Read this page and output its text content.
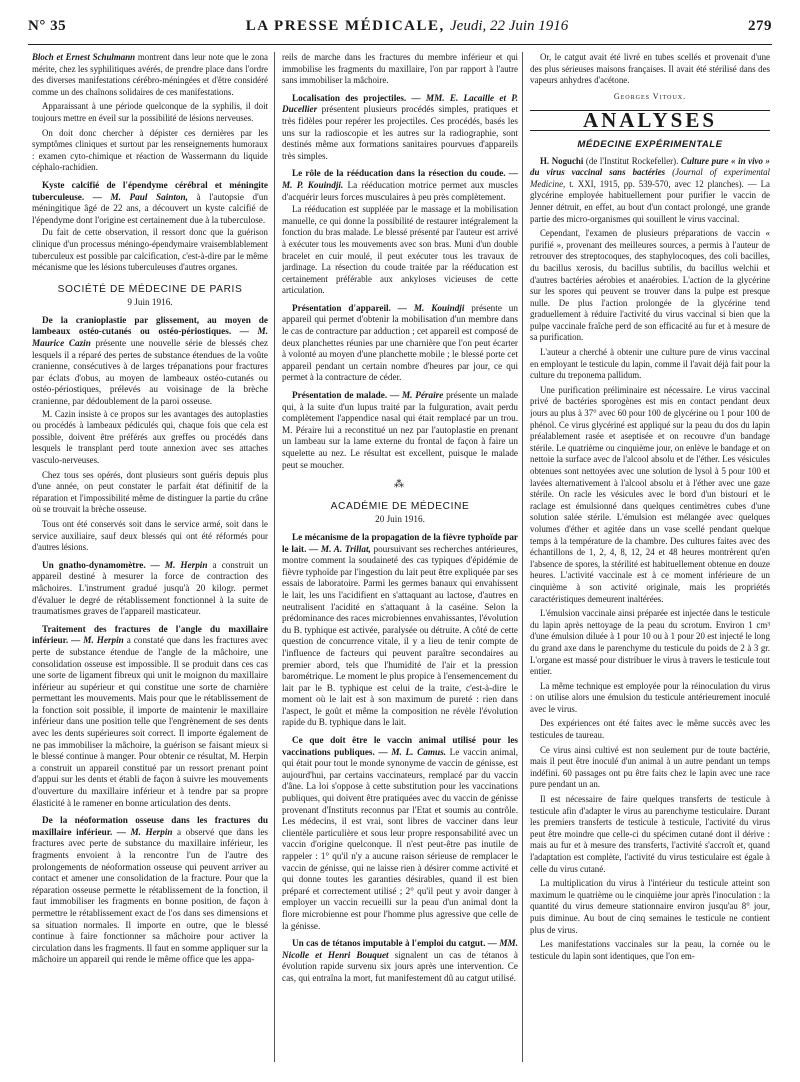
N° 35	LA PRESSE MÉDICALE, Jeudi, 22 Juin 1916	279

Bloch et Ernest Schulmann montrent dans leur note que le zona mérite, chez les syphilitiques avérés, de prendre place dans l'ordre des diverses manifestations cérébro-méningées et d'être considéré comme un des chaînons solidaires de ces manifestations.

Apparaissant à une période quelconque de la syphilis, il doit toujours mettre en éveil sur la possibilité de lésions nerveuses.

On doit donc chercher à dépister ces dernières par les symptômes cliniques et surtout par les renseignements humoraux : examen cyto-chimique et réaction de Wassermann du liquide céphalo-rachidien.

Kyste calcifié de l'épendyme cérébral et méningite tuberculeuse. — M. Paul Sainton, à l'autopsie d'un méningitique âgé de 22 ans, a découvert un kyste calcifié de l'épendyme dont l'origine est certainement due à la tuberculose.

Du fait de cette observation, il ressort donc que la guérison clinique d'un processus méningo-épendymaire vraisemblablement tuberculeux est possible par calcification, c'est-à-dire par le même mécanisme que les lésions tuberculeuses d'autres organes.

SOCIÉTÉ DE MÉDECINE DE PARIS
9 Juin 1916.
De la cranioplastie par glissement, au moyen de lambeaux ostéo-cutanés ou ostéo-périostiques. — M. Maurice Cazin présente une nouvelle série de blessés chez lesquels il a réparé des pertes de substance étendues de la voûte cranienne, consécutives à de larges trépanations pour fractures par éclats d'obus, au moyen de lambeaux ostéo-cutanés ou ostéo-périostiques, prélevés au voisinage de la brèche cranienne, par dédoublement de la paroi osseuse.

M. Cazin insiste à ce propos sur les avantages des autoplasties ou procédés à lambeaux pédiculés qui, chaque fois que cela est possible, doivent être préférés aux greffes ou procédés dans lesquels le transplant perd toute annexion avec ses attaches vasculo-nerveuses.

Chez tous ses opérés, dont plusieurs sont guéris depuis plus d'une année, on peut constater le parfait état définitif de la réparation et l'impossibilité même de distinguer la partie du crâne où se trouvait la brèche osseuse.

Tous ont été conservés soit dans le service armé, soit dans le service auxiliaire, sauf deux blessés qui ont été réformés pour d'autres lésions.

Un gnatho-dynamomètre. — M. Herpin a construit un appareil destiné à mesurer la force de contraction des mâchoires. L'instrument gradué jusqu'à 20 kilogr. permet d'évaluer le degré de rétablissement fonctionnel à la suite de traumatismes graves de l'appareil masticateur.
Traitement des fractures de l'angle du maxillaire inférieur. — M. Herpin a constaté que dans les fractures avec perte de substance étendue de l'angle de la mâchoire, une consolidation osseuse est impossible. Il se produit dans ces cas une sorte de ligament fibreux qui unit le moignon du maxillaire inférieur au supérieur et qui constitue une sorte de charnière permettant les mouvements. Mais pour que le rétablissement de la fonction soit possible, il importe de maintenir le maxillaire inférieur dans une position telle que l'engrènement de ses dents avec les dents supérieures soit correct. Il importe également de ne pas immobiliser la mâchoire, la guérison se faisant mieux si le blessé continue à manger. Pour obtenir ce résultat, M. Herpin a construit un appareil constitué par un ressort prenant point d'appui sur les dents et établi de façon à suivre les mouvements d'ouverture du maxillaire inférieur et à tendre par sa propre élasticité à le ramener en bonne articulation des dents.
De la néoformation osseuse dans les fractures du maxillaire inférieur. — M. Herpin a observé que dans les fractures avec perte de substance du maxillaire inférieur, les fragments envoient à la rencontre l'un de l'autre des prolongements de néoformation osseuse qui peuvent arriver au contact et amener une consolidation de la fracture. Pour que la réparation osseuse permette le rétablissement de la fonction, il faut immobiliser les fragments en bonne position, de façon à permettre le rétablissement exact de l'os dans ses dimensions et sa situation normales. Il importe en outre, que le blessé continue à faire fonctionner sa mâchoire pour activer la circulation dans les fragments. Il faut en somme appliquer sur la mâchoire un appareil qui rende le même office que les appa-

reils de marche dans les fractures du membre inférieur et qui immobilise les fragments du maxillaire, l'on par rapport à l'autre sans immobiliser la mâchoire.

Localisation des projectiles. — MM. E. Lacaille et P. Ducellier présentent plusieurs procédés simples, pratiques et très fidèles pour repérer les projectiles. Ces procédés, basés les uns sur la radioscopie et les autres sur la radiographie, sont destinés même aux formations sanitaires pourvues d'appareils très simples.
Le rôle de la rééducation dans la résection du coude. — M. P. Kouindji. La rééducation motrice permet aux muscles d'acquérir leurs forces musculaires à peu près complètement.

La rééducation est suppléée par le massage et la mobilisation manuelle, ce qui donne la possibilité de restaurer intégralement la fonction du bras malade. Le blessé présenté par l'auteur est arrivé à exécuter tous les mouvements avec son bras. Muni d'un double bracelet en cuir moulé, il peut exécuter tous les travaux de jardinage. La résection du coude traitée par la rééducation est certainement préférable aux ankyloses vicieuses de cette articulation.

Présentation d'appareil. — M. Kouindji présente un appareil qui permet d'obtenir la mobilisation d'un membre dans le cas de contracture par adduction ; cet appareil est composé de deux planchettes réunies par une charnière que l'on peut écarter à volonté au moyen d'une planchette mobile ; le blessé porte cet appareil pendant un certain nombre d'heures par jour, ce qui permet à la contracture de céder.
Présentation de malade. — M. Péraire présente un malade qui, à la suite d'un lupus traité par la fulguration, avait perdu complètement l'appendice nasal qui était remplacé par un trou. M. Péraire lui a reconstitué un nez par l'autoplastie en prenant un lambeau sur la lame externe du frontal de façon à faire un squelette au nez. Le résultat est excellent, puisque le malade peut se moucher.
⁂
ACADÉMIE DE MÉDECINE
20 Juin 1916.
Le mécanisme de la propagation de la fièvre typhoïde par le lait. — M. A. Trillat, poursuivant ses recherches antérieures, montre comment la soudaineté des cas typiques d'épidémie de fièvre typhoïde par l'ingestion du lait peut être expliquée par ses essais de laboratoire. Parmi les germes banaux qui envahissent le lait, les uns l'acidifient en s'attaquant au lactose, d'autres en neutralisent l'acidité en s'attaquant à la caséine. Selon la prédominance des races microbiennes envahissantes, l'évolution du B. typhique est activée, paralysée ou détruite. A côté de cette question de concurrence vitale, il y a lieu de tenir compte de l'influence de facteurs qui peuvent paraître secondaires au premier abord, tels que l'humidité de l'air et la pression barométrique. Le moment le plus propice à l'ensemencement du lait par le B. typhique est celui de la traite, c'est-à-dire le moment où le lait est à son maximum de pureté : rien dans l'aspect, le goût et même la composition ne révèle l'évolution rapide du B. typhique dans le lait.
Ce que doit être le vaccin animal utilisé pour les vaccinations publiques. — M. L. Camus. Le vaccin animal, qui était pour tout le monde synonyme de vaccin de génisse, est aujourd'hui, par certains vaccinateurs, remplacé par du vaccin d'âne. La loi s'oppose à cette substitution pour les vaccinations publiques, qui doivent être pratiquées avec du vaccin de génisse provenant d'Instituts reconnus par l'Etat et soumis au contrôle. Les médecins, il est vrai, sont libres de vacciner dans leur clientèle particulière et sous leur propre responsabilité avec un vaccin d'origine quelconque. Il n'est peut-être pas inutile de rappeler : 1° qu'il n'y a aucune raison sérieuse de remplacer le vaccin de génisse, qui ne laisse rien à désirer comme activité et qui donne toutes les garanties désirables, quand il est bien préparé et correctement utilisé ; 2° qu'il peut y avoir danger à employer un vaccin recueilli sur la peau d'un animal dont la flore microbienne est pour l'homme plus agressive que celle de la génisse.
Un cas de tétanos imputable à l'emploi du catgut. — MM. Nicolle et Henri Bouquet signalent un cas de tétanos à évolution rapide survenu six jours après une intervention. Ce cas, qui entraîna la mort, fut manifestement dû au catgut utilisé.

Or, le catgut avait été livré en tubes scellés et provenait d'une des plus sérieuses maisons françaises. Il avait été stérilisé dans des vapeurs anhydres d'acétone.

Georges Vitoux.
ANALYSES
MÉDECINE EXPÉRIMENTALE

H. Noguchi (de l'Institut Rockefeller). Culture pure « in vivo » du virus vaccinal sans bactéries (Journal of experimental Medicine, t. XXI, 1915, pp. 539-570, avec 12 planches). — La glycérine employée habituellement pour purifier le vaccin de Jenner détruit, en effet, au bout d'un contact prolongé, une grande partie des micro-organismes qui souillent le virus vaccinal.

Cependant, l'examen de plusieurs préparations de vaccin « purifié », provenant des meilleures sources, a permis à l'auteur de retrouver des streptocoques, des staphylocoques, des coli bacilles, du bacillus xerosis, du bacillus subtilis, du bacillus welchii et d'autres bactéries aérobies et anaérobies. L'action de la glycérine sur les spores qui peuvent se trouver dans la pulpe est presque nulle. De plus l'action prolongée de la glycérine tend graduellement à réduire l'activité du virus vaccinal si bien que la pulpe vaccinale fraîche perd de son efficacité au fur et à mesure de sa purification.

L'auteur a cherché à obtenir une culture pure de virus vaccinal en employant le testicule du lapin, comme il l'avait déjà fait pour la culture du treponema pallidum.

Une purification préliminaire est nécessaire. Le virus vaccinal privé de bactéries sporogènes est mis en contact pendant deux jours au plus à 37° avec 60 pour 100 de glycérine ou 1 pour 100 de phénol. Ce virus glycériné est appliqué sur la peau du dos du lapin préalablement rasée et aseptisée et on recouvre d'un bandage stérile. Le quatrième ou cinquième jour, on enlève le bandage et on nettoie la surface avec de l'alcool absolu et de l'éther. Les vésicules obtenues sont nettoyées avec une solution de lysol à 5 pour 100 et lavées alternativement à l'alcool absolu et à l'éther avec une gaze stérile. On racle les vésicules avec le bord d'un bistouri et le raclage est émulsionné dans quelques centimètres cubes d'une solution salée stérile. L'émulsion est mélangée avec quelques volumes d'éther et agitée dans un vase scellé pendant quelque temps à la température de la chambre. Des cultures faites avec des échantillons de 1, 2, 4, 8, 12, 24 et 48 heures montrèrent qu'en l'absence de spores, la stérilité est habituellement obtenue en douze heures. L'activité vaccinale est à ce moment inférieure de un cinquième à son activité originale, mais les propriétés caractéristiques demeurent inaltérées.

L'émulsion vaccinale ainsi préparée est injectée dans le testicule du lapin après nettoyage de la peau du scrotum. Environ 1 cm³ d'une émulsion diluée à 1 pour 10 ou à 1 pour 20 est injecté le long du grand axe dans le parenchyme du testicule du poids de 2 à 3 gr. L'organe est massé pour distribuer le virus à travers le testicule tout entier.

La même technique est employée pour la réinoculation du virus : on utilise alors une émulsion du testicule antérieurement inoculé avec le virus.

Des expériences ont été faites avec le même succès avec les testicules de taureau.

Ce virus ainsi cultivé est non seulement pur de toute bactérie, mais il peut être inoculé d'un animal à un autre pendant un temps indéfini. 60 passages ont pu être faits chez le lapin avec une race pure pendant un an.

Il est nécessaire de faire quelques transferts de testicule à testicule afin d'adapter le virus au parenchyme testiculaire. Durant les premiers transferts de testicule à testicule, l'activité du virus peut être moindre que celle-ci du spécimen cutané dont il dérive : mais au fur et à mesure des transferts, l'activité s'accroît et, quand l'adaptation est complète, l'activité du virus testiculaire est égale à celle du virus cutané.

La multiplication du virus à l'intérieur du testicule atteint son maximum le quatrième ou le cinquième jour après l'inoculation : la quantité du virus demeure stationnaire environ jusqu'au 8° jour, puis diminue. Au bout de cinq semaines le testicule ne contient plus de virus.

Les manifestations vaccinales sur la peau, la cornée ou le testicule du lapin sont identiques, que l'on em-
